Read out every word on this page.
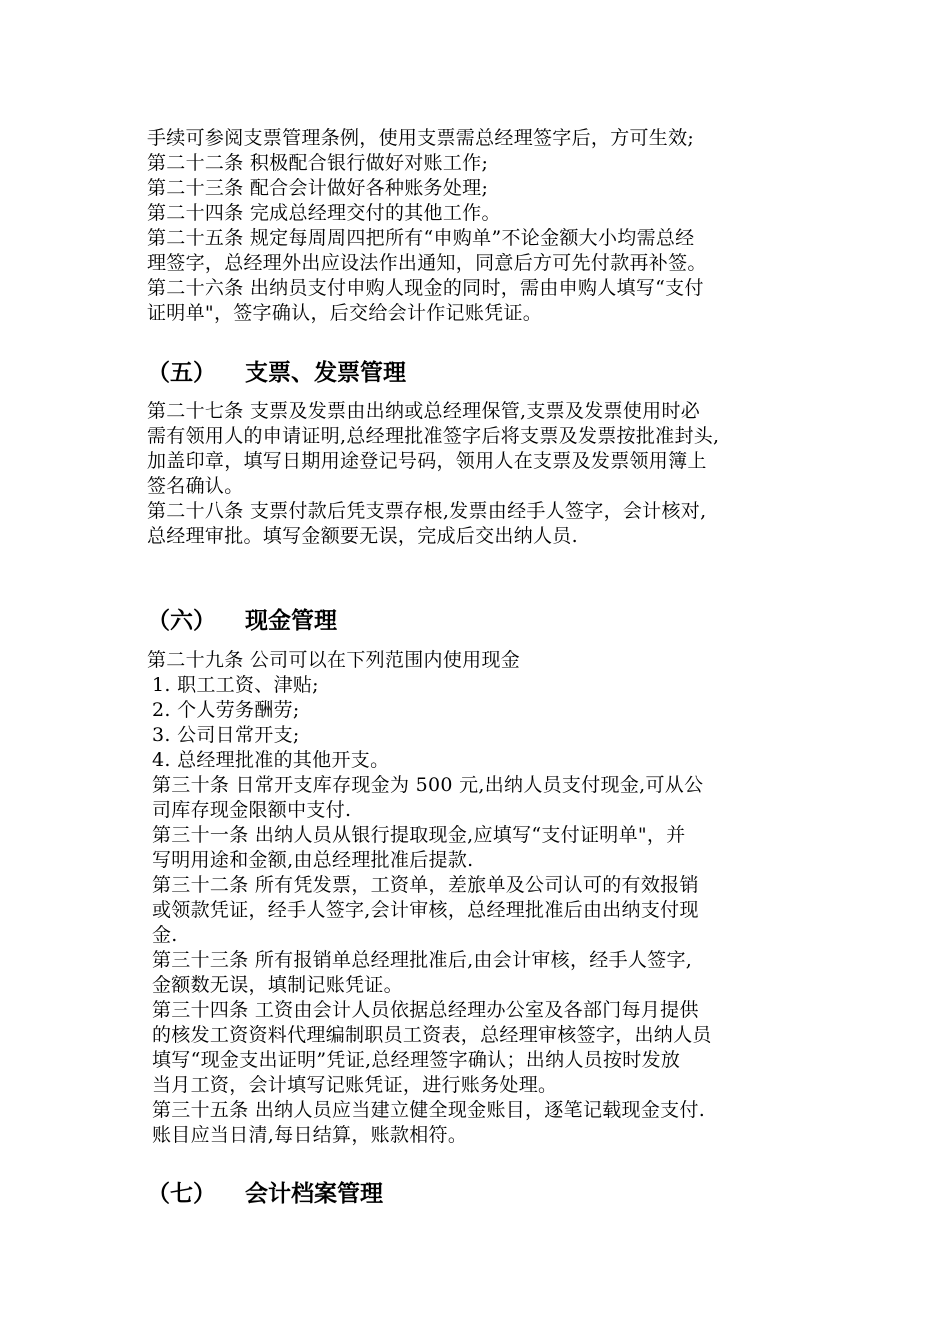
手续可参阅支票管理条例，使用支票需总经理签字后，方可生效;

第二十二条 积极配合银行做好对账工作;

第二十三条 配合会计做好各种账务处理;

第二十四条 完成总经理交付的其他工作。

第二十五条 规定每周周四把所有“申购单”不论金额大小均需总经

理签字，总经理外出应设法作出通知，同意后方可先付款再补签。

第二十六条 出纳员支付申购人现金的同时，需由申购人填写“支付

证明单"，签字确认，后交给会计作记账凭证。

（五） 支票、发票管理

第二十七条 支票及发票由出纳或总经理保管,支票及发票使用时必

需有领用人的申请证明,总经理批准签字后将支票及发票按批准封头,

加盖印章，填写日期用途登记号码，领用人在支票及发票领用簿上

签名确认。

第二十八条 支票付款后凭支票存根,发票由经手人签字，会计核对,

总经理审批。填写金额要无误，完成后交出纳人员.

（六） 现金管理

第二十九条 公司可以在下列范围内使用现金

1. 职工工资、津贴;

2. 个人劳务酬劳;

3. 公司日常开支;

4. 总经理批准的其他开支。

第三十条 日常开支库存现金为 500 元,出纳人员支付现金,可从公

司库存现金限额中支付.

第三十一条 出纳人员从银行提取现金,应填写“支付证明单"，并

写明用途和金额,由总经理批准后提款.

第三十二条 所有凭发票，工资单，差旅单及公司认可的有效报销

或领款凭证，经手人签字,会计审核，总经理批准后由出纳支付现

金.

第三十三条 所有报销单总经理批准后,由会计审核，经手人签字,

金额数无误，填制记账凭证。

第三十四条 工资由会计人员依据总经理办公室及各部门每月提供

的核发工资资料代理编制职员工资表，总经理审核签字，出纳人员

填写“现金支出证明”凭证,总经理签字确认；出纳人员按时发放

当月工资，会计填写记账凭证，进行账务处理。

第三十五条 出纳人员应当建立健全现金账目，逐笔记载现金支付.

账目应当日清,每日结算，账款相符。

（七） 会计档案管理
